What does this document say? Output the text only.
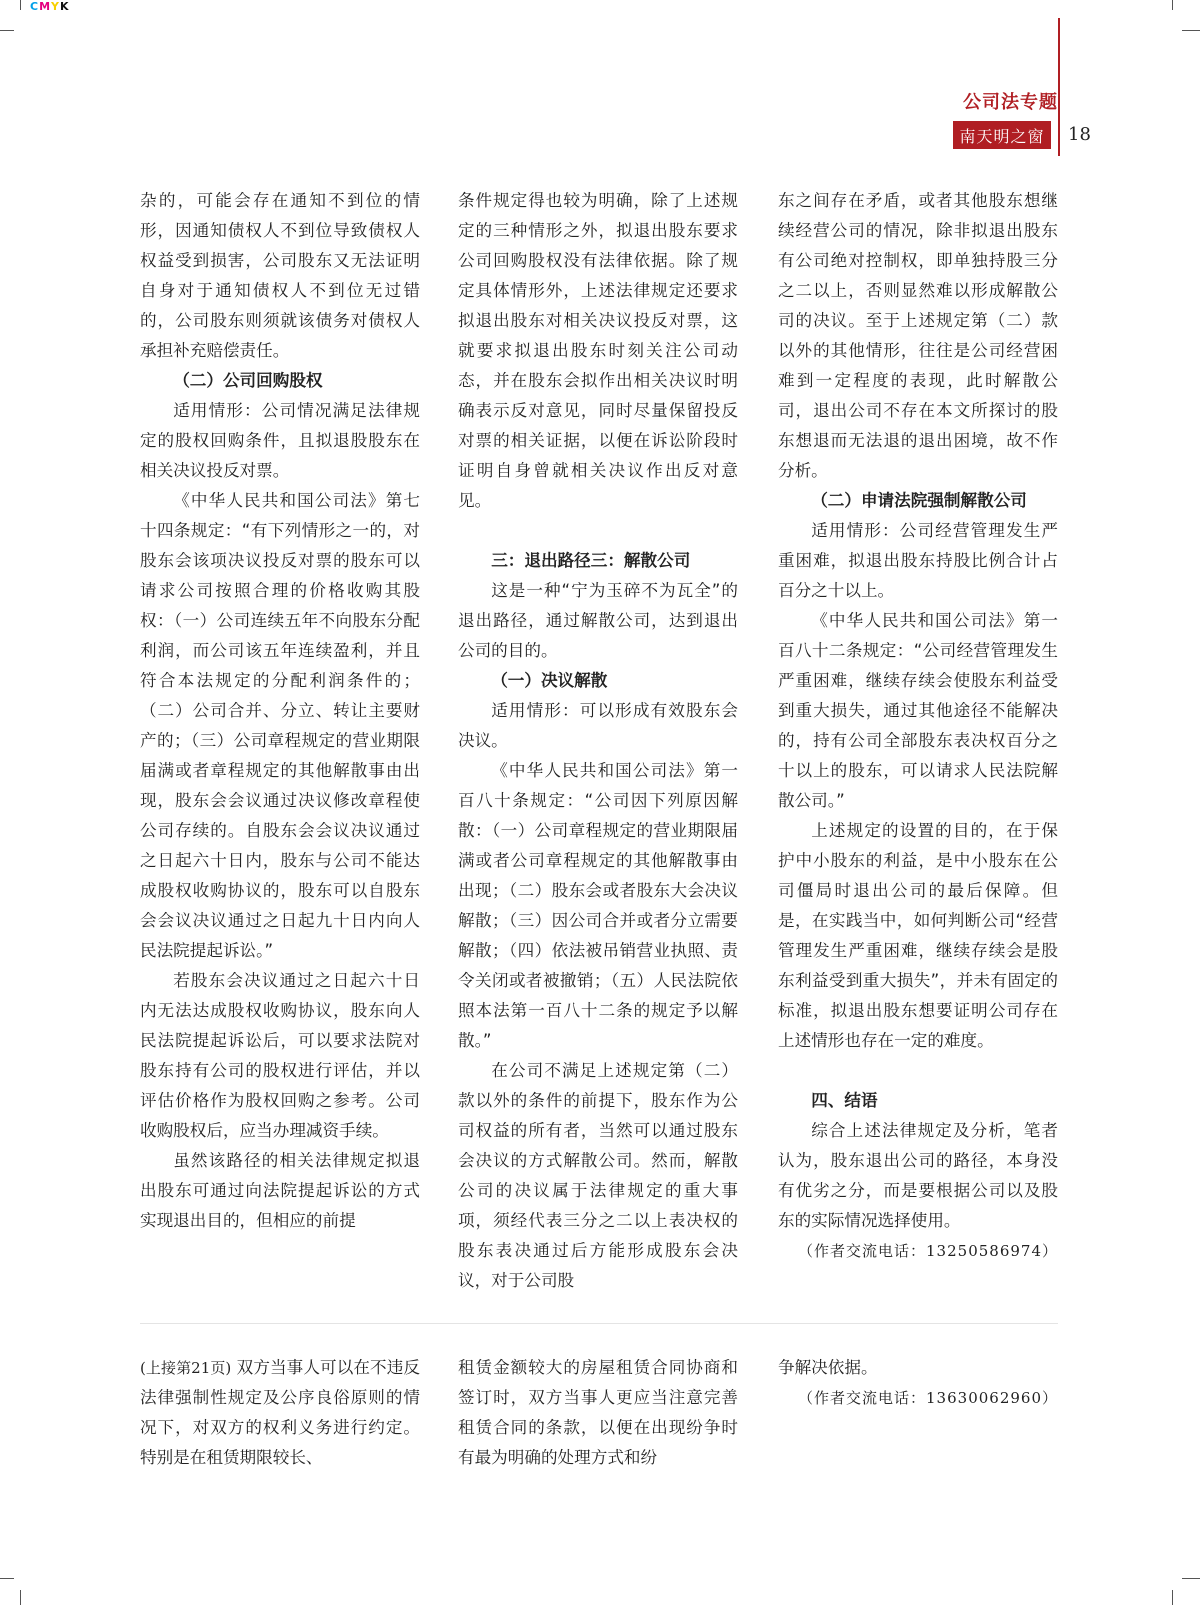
CMYK
公司法专题
南天明之窗	18

杂的，可能会存在通知不到位的情形，因通知债权人不到位导致债权人权益受到损害，公司股东又无法证明自身对于通知债权人不到位无过错的，公司股东则须就该债务对债权人承担补充赔偿责任。

（二）公司回购股权

适用情形：公司情况满足法律规定的股权回购条件，且拟退股股东在相关决议投反对票。

《中华人民共和国公司法》第七十四条规定：“有下列情形之一的，对股东会该项决议投反对票的股东可以请求公司按照合理的价格收购其股权：（一）公司连续五年不向股东分配利润，而公司该五年连续盈利，并且符合本法规定的分配利润条件的；（二）公司合并、分立、转让主要财产的；（三）公司章程规定的营业期限届满或者章程规定的其他解散事由出现，股东会会议通过决议修改章程使公司存续的。自股东会会议决议通过之日起六十日内，股东与公司不能达成股权收购协议的，股东可以自股东会会议决议通过之日起九十日内向人民法院提起诉讼。”

若股东会决议通过之日起六十日内无法达成股权收购协议，股东向人民法院提起诉讼后，可以要求法院对股东持有公司的股权进行评估，并以评估价格作为股权回购之参考。公司收购股权后，应当办理减资手续。

虽然该路径的相关法律规定拟退出股东可通过向法院提起诉讼的方式实现退出目的，但相应的前提

条件规定得也较为明确，除了上述规定的三种情形之外，拟退出股东要求公司回购股权没有法律依据。除了规定具体情形外，上述法律规定还要求拟退出股东对相关决议投反对票，这就要求拟退出股东时刻关注公司动态，并在股东会拟作出相关决议时明确表示反对意见，同时尽量保留投反对票的相关证据，以便在诉讼阶段时证明自身曾就相关决议作出反对意见。

三：退出路径三：解散公司

这是一种“宁为玉碎不为瓦全”的退出路径，通过解散公司，达到退出公司的目的。

（一）决议解散

适用情形：可以形成有效股东会决议。

《中华人民共和国公司法》第一百八十条规定：“公司因下列原因解散：（一）公司章程规定的营业期限届满或者公司章程规定的其他解散事由出现；（二）股东会或者股东大会决议解散；（三）因公司合并或者分立需要解散；（四）依法被吊销营业执照、责令关闭或者被撤销；（五）人民法院依照本法第一百八十二条的规定予以解散。”

在公司不满足上述规定第（二）款以外的条件的前提下，股东作为公司权益的所有者，当然可以通过股东会决议的方式解散公司。然而，解散公司的决议属于法律规定的重大事项，须经代表三分之二以上表决权的股东表决通过后方能形成股东会决议，对于公司股

东之间存在矛盾，或者其他股东想继续经营公司的情况，除非拟退出股东有公司绝对控制权，即单独持股三分之二以上，否则显然难以形成解散公司的决议。至于上述规定第（二）款以外的其他情形，往往是公司经营困难到一定程度的表现，此时解散公司，退出公司不存在本文所探讨的股东想退而无法退的退出困境，故不作分析。

（二）申请法院强制解散公司

适用情形：公司经营管理发生严重困难，拟退出股东持股比例合计占百分之十以上。

《中华人民共和国公司法》第一百八十二条规定：“公司经营管理发生严重困难，继续存续会使股东利益受到重大损失，通过其他途径不能解决的，持有公司全部股东表决权百分之十以上的股东，可以请求人民法院解散公司。”

上述规定的设置的目的，在于保护中小股东的利益，是中小股东在公司僵局时退出公司的最后保障。但是，在实践当中，如何判断公司“经营管理发生严重困难，继续存续会是股东利益受到重大损失”，并未有固定的标准，拟退出股东想要证明公司存在上述情形也存在一定的难度。

四、结语

综合上述法律规定及分析，笔者认为，股东退出公司的路径，本身没有优劣之分，而是要根据公司以及股东的实际情况选择使用。

（作者交流电话：13250586974）

(上接第21页) 双方当事人可以在不违反法律强制性规定及公序良俗原则的情况下，对双方的权利义务进行约定。特别是在租赁期限较长、

租赁金额较大的房屋租赁合同协商和签订时，双方当事人更应当注意完善租赁合同的条款，以便在出现纷争时有最为明确的处理方式和纷

争解决依据。

（作者交流电话：13630062960）
